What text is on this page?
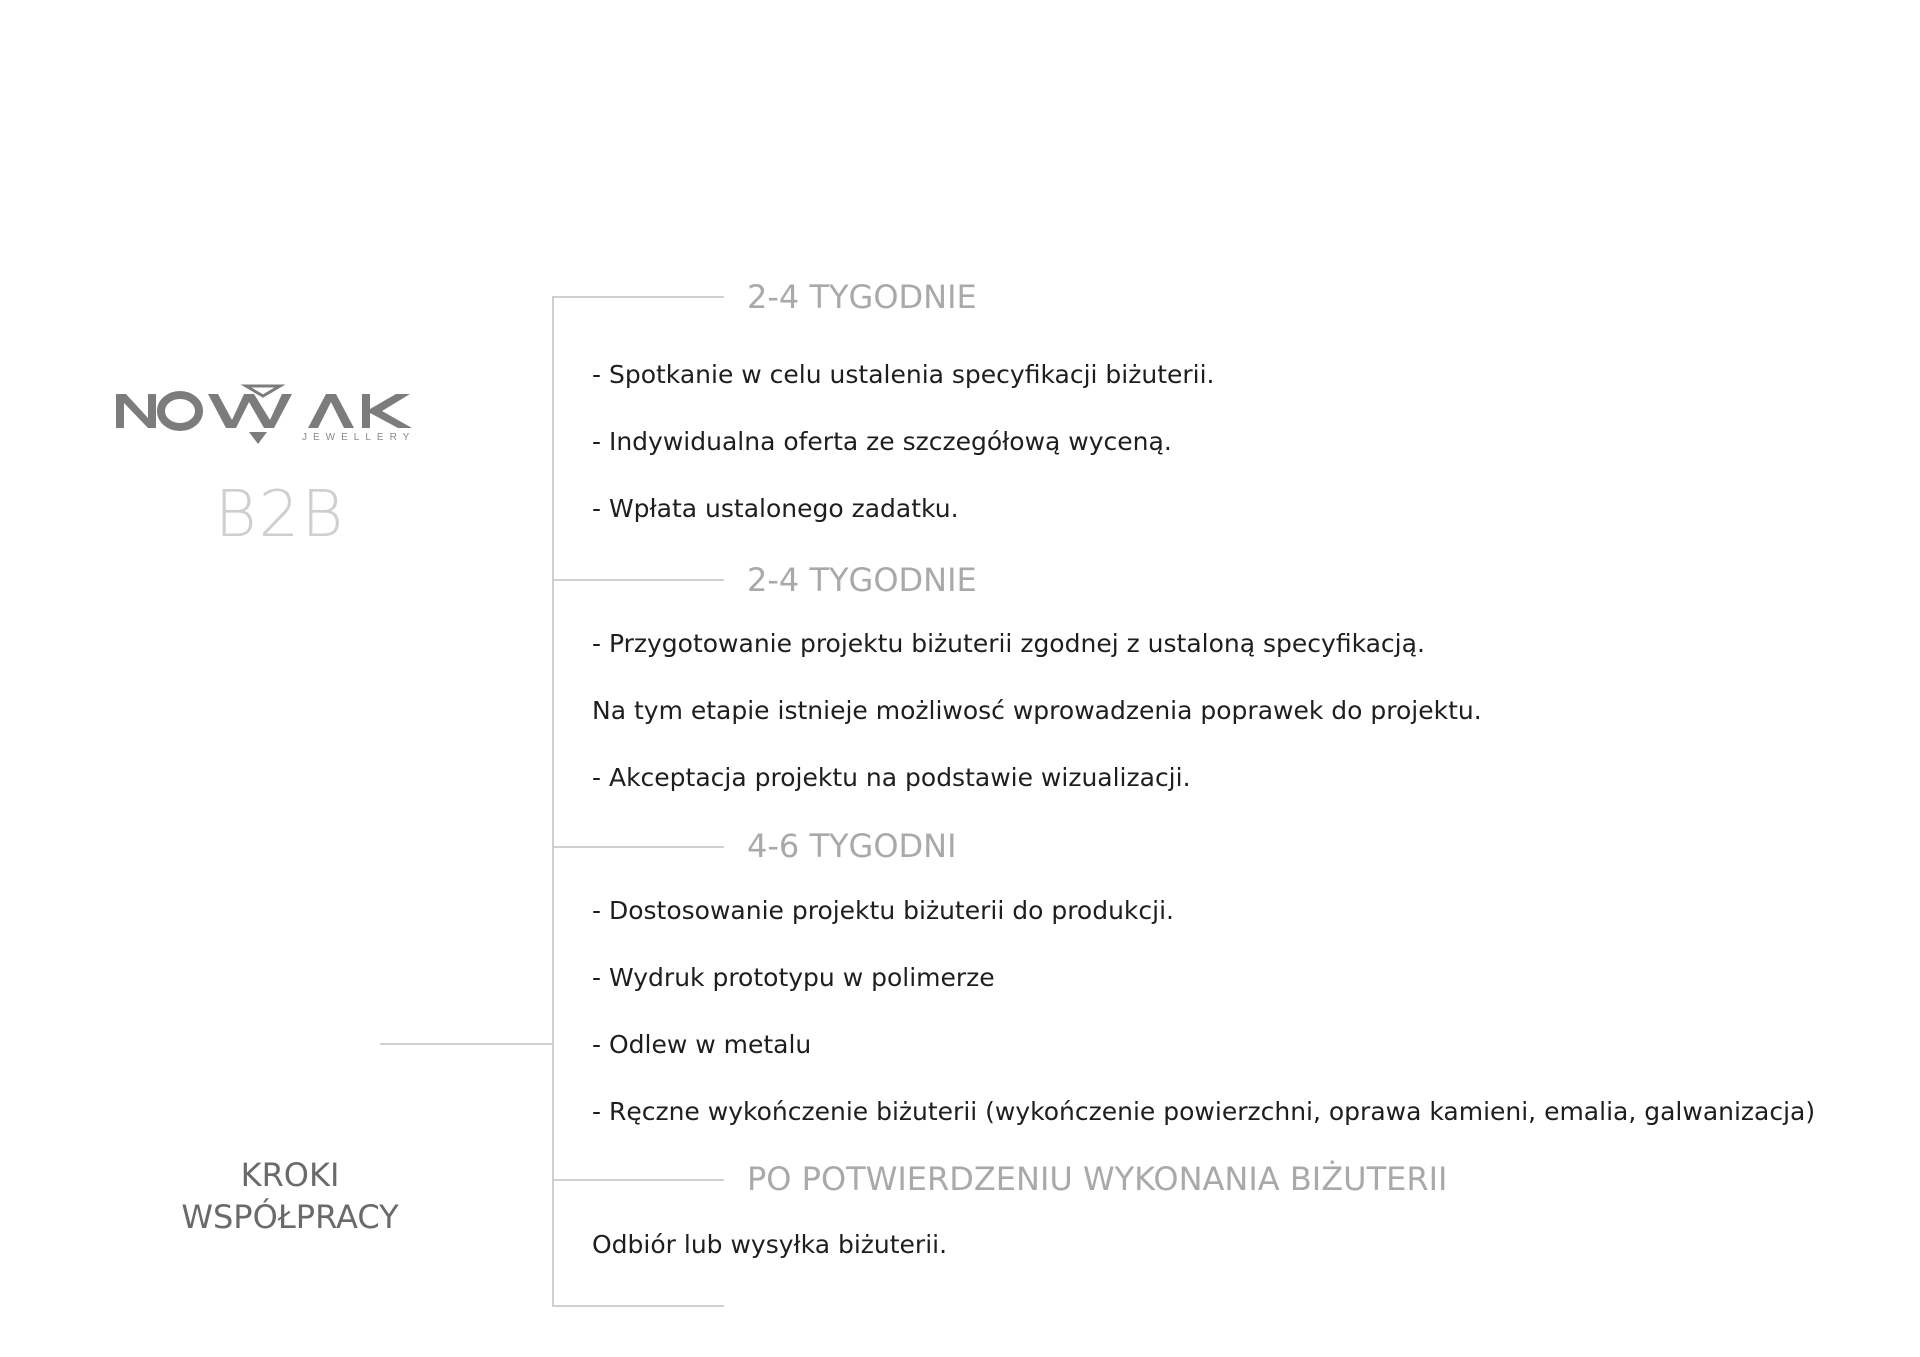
JEWELLERY
B2B
KROKI
WSPÓŁPRACY
2-4 TYGODNIE
- Spotkanie w celu ustalenia specyfikacji biżuterii.
- Indywidualna oferta ze szczegółową wyceną.
- Wpłata ustalonego zadatku.
2-4 TYGODNIE
- Przygotowanie projektu biżuterii zgodnej z ustaloną specyfikacją.
Na tym etapie istnieje możliwosć wprowadzenia poprawek do projektu.
- Akceptacja projektu na podstawie wizualizacji.
4-6 TYGODNI
- Dostosowanie projektu biżuterii do produkcji.
- Wydruk prototypu w polimerze
- Odlew w metalu
- Ręczne wykończenie biżuterii (wykończenie powierzchni, oprawa kamieni, emalia, galwanizacja)
PO POTWIERDZENIU WYKONANIA BIŻUTERII
Odbiór lub wysyłka biżuterii.
